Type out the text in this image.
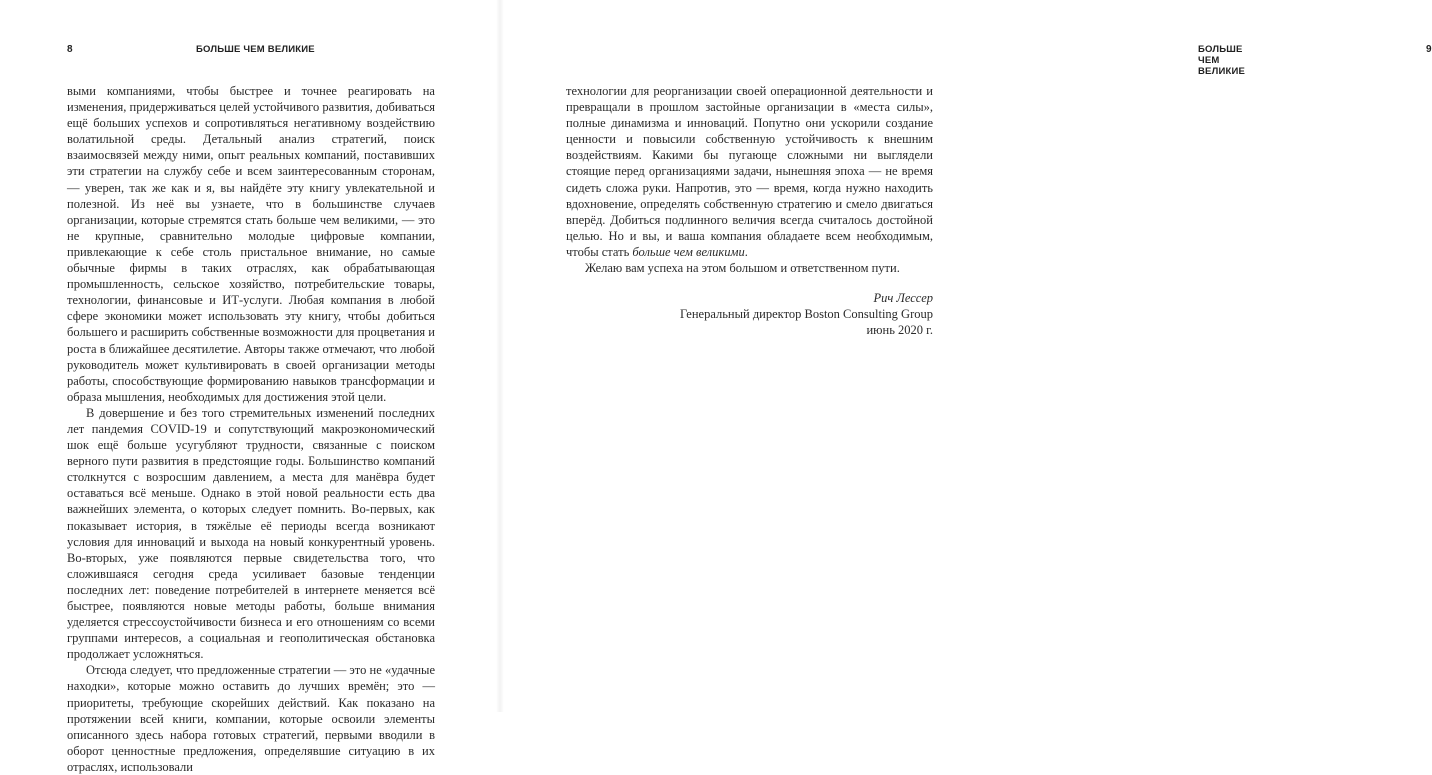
8	БОЛЬШЕ ЧЕМ ВЕЛИКИЕ

выми компаниями, чтобы быстрее и точнее реагировать на изменения, придерживаться целей устойчивого развития, добиваться ещё больших успехов и сопротивляться негативному воздействию волатильной среды. Детальный анализ стратегий, поиск взаимосвязей между ними, опыт реальных компаний, поставивших эти стратегии на службу себе и всем заинтересованным сторонам, — уверен, так же как и я, вы найдёте эту книгу увлекательной и полезной. Из неё вы узнаете, что в большинстве случаев организации, которые стремятся стать больше чем великими, — это не крупные, сравнительно молодые цифровые компании, привлекающие к себе столь пристальное внимание, но самые обычные фирмы в таких отраслях, как обрабатывающая промышленность, сельское хозяйство, потребительские товары, технологии, финансовые и ИТ-услуги. Любая компания в любой сфере экономики может использовать эту книгу, чтобы добиться большего и расширить собственные возможности для процветания и роста в ближайшее десятилетие. Авторы также отмечают, что любой руководитель может культивировать в своей организации методы работы, способствующие формированию навыков трансформации и образа мышления, необходимых для достижения этой цели.

В довершение и без того стремительных изменений последних лет пандемия COVID-19 и сопутствующий макроэкономический шок ещё больше усугубляют трудности, связанные с поиском верного пути развития в предстоящие годы. Большинство компаний столкнутся с возросшим давлением, а места для манёвра будет оставаться всё меньше. Однако в этой новой реальности есть два важнейших элемента, о которых следует помнить. Во-первых, как показывает история, в тяжёлые её периоды всегда возникают условия для инноваций и выхода на новый конкурентный уровень. Во-вторых, уже появляются первые свидетельства того, что сложившаяся сегодня среда усиливает базовые тенденции последних лет: поведение потребителей в интернете меняется всё быстрее, появляются новые методы работы, больше внимания уделяется стрессоустойчивости бизнеса и его отношениям со всеми группами интересов, а социальная и геополитическая обстановка продолжает усложняться.

Отсюда следует, что предложенные стратегии — это не «удачные находки», которые можно оставить до лучших времён; это — приоритеты, требующие скорейших действий. Как показано на протяжении всей книги, компании, которые освоили элементы описанного здесь набора готовых стратегий, первыми вводили в оборот ценностные предложения, определявшие ситуацию в их отраслях, использовали

БОЛЬШЕ ЧЕМ ВЕЛИКИЕ
9

технологии для реорганизации своей операционной деятельности и превращали в прошлом застойные организации в «места силы», полные динамизма и инноваций. Попутно они ускорили создание ценности и повысили собственную устойчивость к внешним воздействиям. Какими бы пугающе сложными ни выглядели стоящие перед организациями задачи, нынешняя эпоха — не время сидеть сложа руки. Напротив, это — время, когда нужно находить вдохновение, определять собственную стратегию и смело двигаться вперёд. Добиться подлинного величия всегда считалось достойной целью. Но и вы, и ваша компания обладаете всем необходимым, чтобы стать больше чем великими.

Желаю вам успеха на этом большом и ответственном пути.

Рич Лессер
Генеральный директор Boston Consulting Group
июнь 2020 г.
